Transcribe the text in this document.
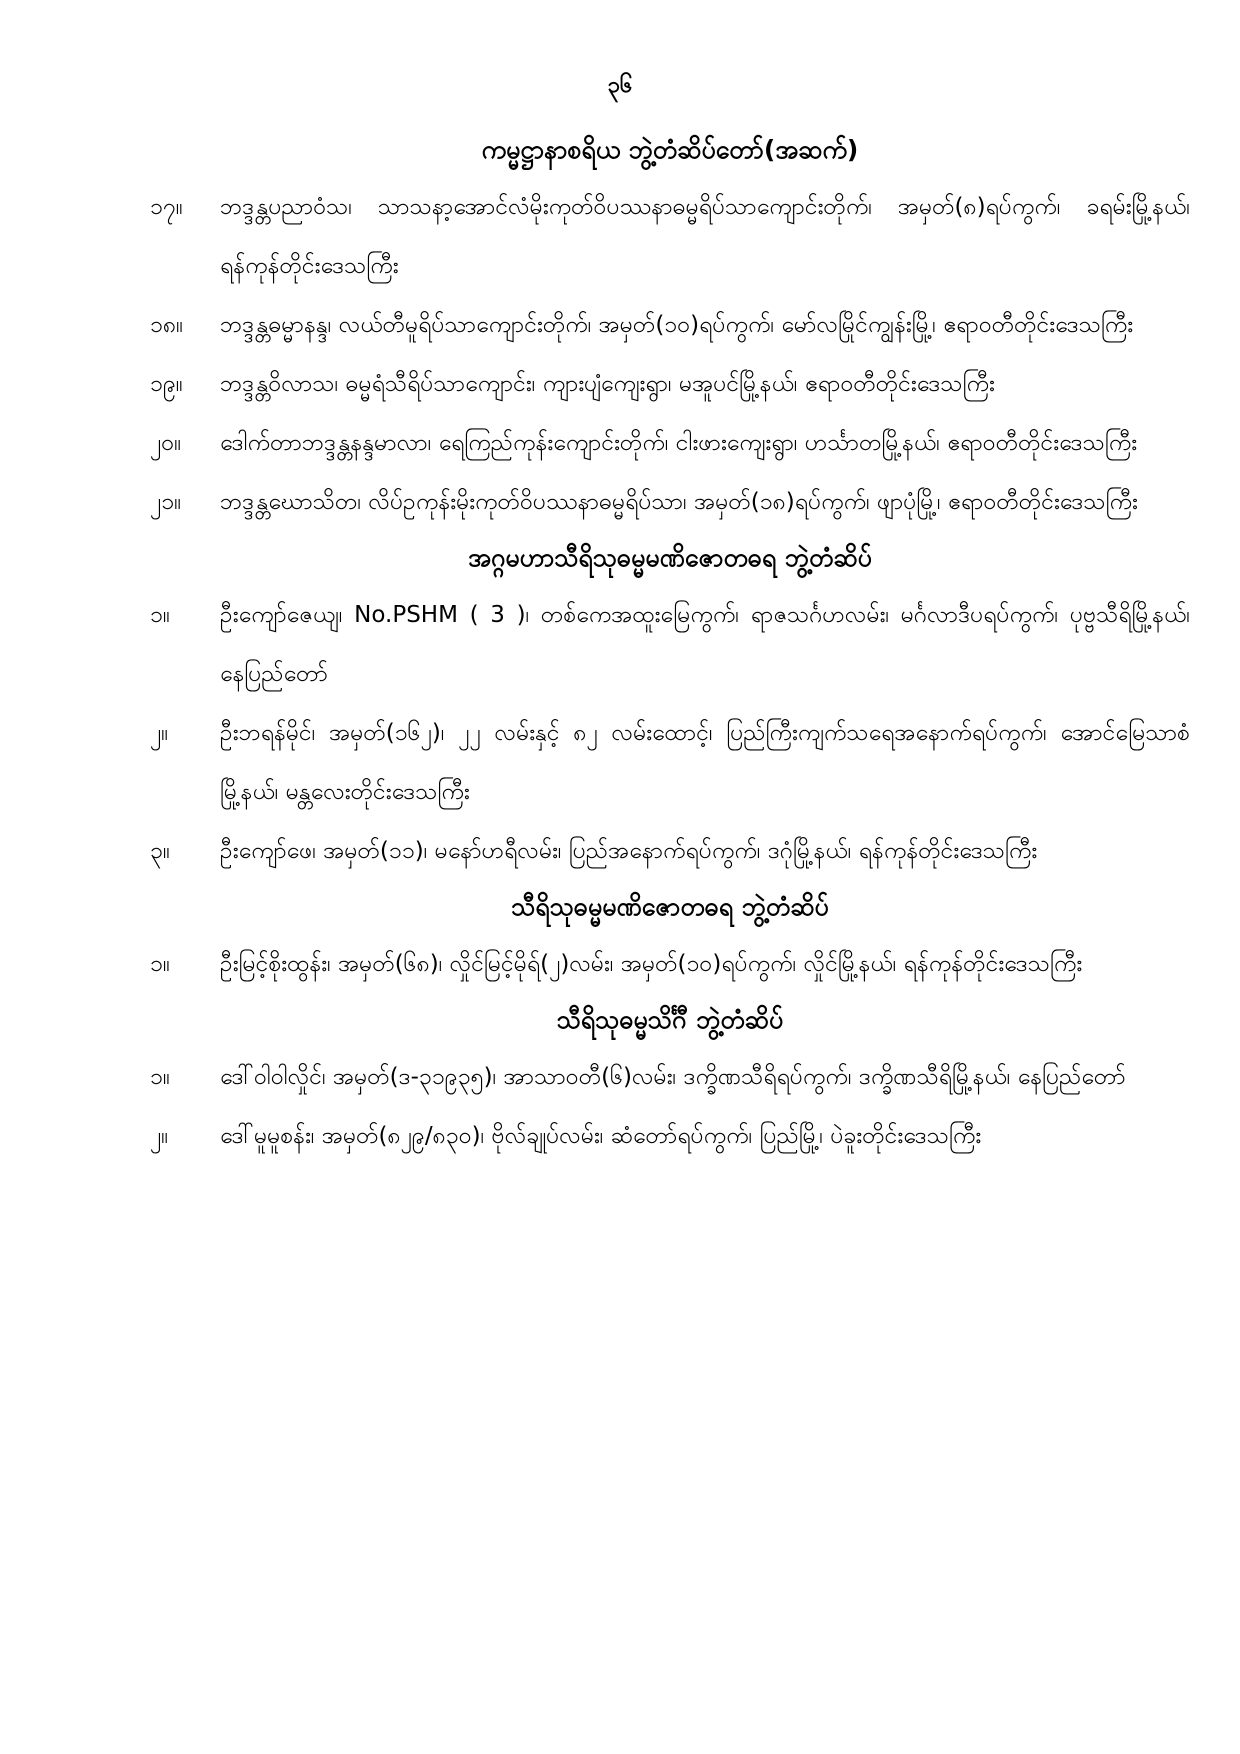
၃၆
ကမ္မဋ္ဌာနာစရိယ ဘွဲ့တံဆိပ်တော်(အဆက်)
၁၇။ ဘဒ္ဒန္တပညာဝံသ၊ သာသနာ့အောင်လံမိုးကုတ်ဝိပဿနာဓမ္မရိပ်သာကျောင်းတိုက်၊ အမှတ်(၈)ရပ်ကွက်၊ ခရမ်းမြို့နယ်၊ ရန်ကုန်တိုင်းဒေသကြီး
၁၈။ ဘဒ္ဒန္တဓမ္မာနန္ဒ၊ လယ်တီမူရိပ်သာကျောင်းတိုက်၊ အမှတ်(၁၀)ရပ်ကွက်၊ မော်လမြိုင်ကျွန်းမြို့၊ ဧရာဝတီတိုင်းဒေသကြီး
၁၉။ ဘဒ္ဒန္တဝိလာသ၊ ဓမ္မရံသီရိပ်သာကျောင်း၊ ကျားပျံကျေးရွာ၊ မအူပင်မြို့နယ်၊ ဧရာဝတီတိုင်းဒေသကြီး
၂၀။ ဒေါက်တာဘဒ္ဒန္တနန္ဒမာလာ၊ ရေကြည်ကုန်းကျောင်းတိုက်၊ ငါးဖားကျေးရွာ၊ ဟင်္သာတမြို့နယ်၊ ဧရာဝတီတိုင်းဒေသကြီး
၂၁။ ဘဒ္ဒန္တဃောသိတ၊ လိပ်ဥကုန်းမိုးကုတ်ဝိပဿနာဓမ္မရိပ်သာ၊ အမှတ်(၁၈)ရပ်ကွက်၊ ဖျာပုံမြို့၊ ဧရာဝတီတိုင်းဒေသကြီး
အဂ္ဂမဟာသီရိသုဓမ္မမဏိဇောတဓရ ဘွဲ့တံဆိပ်
၁။ ဦးကျော်ဇေယျ၊ No.PSHM ( 3 )၊ တစ်ကေအထူးမြေကွက်၊ ရာဇသင်္ဂဟလမ်း၊ မင်္ဂလာဒီပရပ်ကွက်၊ ပုဗ္ဗသီရိမြို့နယ်၊ နေပြည်တော်
၂။ ဦးဘရန်မိုင်၊ အမှတ်(၁၆၂)၊ ၂၂ လမ်းနှင့် ၈၂ လမ်းထောင့်၊ ပြည်ကြီးကျက်သရေအနောက်ရပ်ကွက်၊ အောင်မြေသာစံမြို့နယ်၊ မန္တလေးတိုင်းဒေသကြီး
၃။ ဦးကျော်ဖေ၊ အမှတ်(၁၁)၊ မနော်ဟရီလမ်း၊ ပြည်အနောက်ရပ်ကွက်၊ ဒဂုံမြို့နယ်၊ ရန်ကုန်တိုင်းဒေသကြီး
သီရိသုဓမ္မမဏိဇောတဓရ ဘွဲ့တံဆိပ်
၁။ ဦးမြင့်စိုးထွန်း၊ အမှတ်(၆၈)၊ လှိုင်မြင့်မိုရ်(၂)လမ်း၊ အမှတ်(၁၀)ရပ်ကွက်၊ လှိုင်မြို့နယ်၊ ရန်ကုန်တိုင်းဒေသကြီး
သီရိသုဓမ္မသိင်္ဂီ ဘွဲ့တံဆိပ်
၁။ ဒေါ်ဝါဝါလှိုင်၊ အမှတ်(ဒ-၃၁၉၃၅)၊ အာသာဝတီ(၆)လမ်း၊ ဒက္ခိဏသီရိရပ်ကွက်၊ ဒက္ခိဏသီရိမြို့နယ်၊ နေပြည်တော်
၂။ ဒေါ်မူမူစန်း၊ အမှတ်(၈၂၉/၈၃၀)၊ ဗိုလ်ချုပ်လမ်း၊ ဆံတော်ရပ်ကွက်၊ ပြည်မြို့၊ ပဲခူးတိုင်းဒေသကြီး
